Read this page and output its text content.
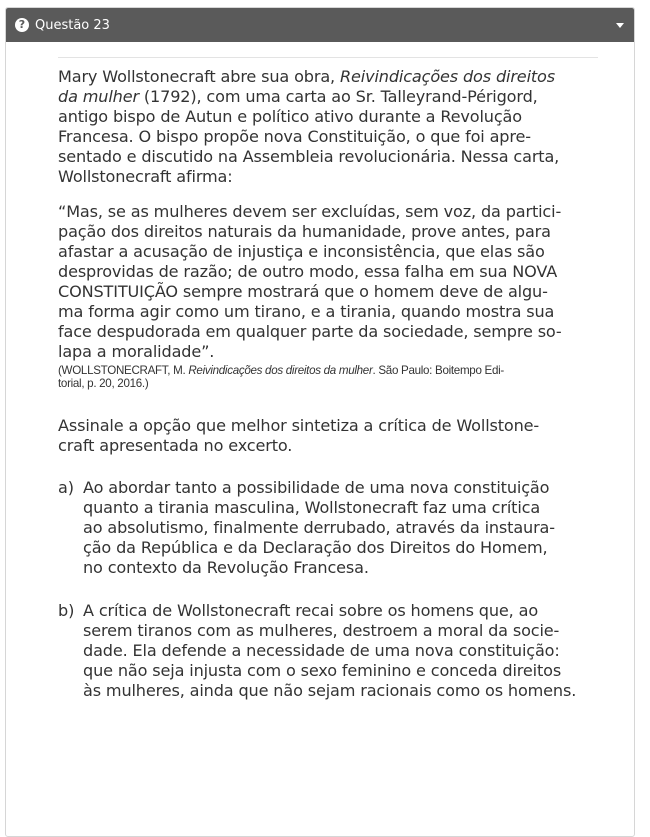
? Questão 23

Mary Wollstonecraft abre sua obra, Reivindicações dos direitos
da mulher (1792), com uma carta ao Sr. Talleyrand-Périgord,
antigo bispo de Autun e político ativo durante a Revolução
Francesa. O bispo propõe nova Constituição, o que foi apre-
sentado e discutido na Assembleia revolucionária. Nessa carta,
Wollstonecraft afirma:

“Mas, se as mulheres devem ser excluídas, sem voz, da partici-
pação dos direitos naturais da humanidade, prove antes, para
afastar a acusação de injustiça e inconsistência, que elas são
desprovidas de razão; de outro modo, essa falha em sua NOVA
CONSTITUIÇÃO sempre mostrará que o homem deve de algu-
ma forma agir como um tirano, e a tirania, quando mostra sua
face despudorada em qualquer parte da sociedade, sempre so-
lapa a moralidade”.

(WOLLSTONECRAFT, M. Reivindicações dos direitos da mulher. São Paulo: Boitempo Edi-
torial, p. 20, 2016.)

Assinale a opção que melhor sintetiza a crítica de Wollstone-
craft apresentada no excerto.

a) Ao abordar tanto a possibilidade de uma nova constituição
quanto a tirania masculina, Wollstonecraft faz uma crítica
ao absolutismo, finalmente derrubado, através da instaura-
ção da República e da Declaração dos Direitos do Homem,
no contexto da Revolução Francesa.
b) A crítica de Wollstonecraft recai sobre os homens que, ao
serem tiranos com as mulheres, destroem a moral da socie-
dade. Ela defende a necessidade de uma nova constituição:
que não seja injusta com o sexo feminino e conceda direitos
às mulheres, ainda que não sejam racionais como os homens.
